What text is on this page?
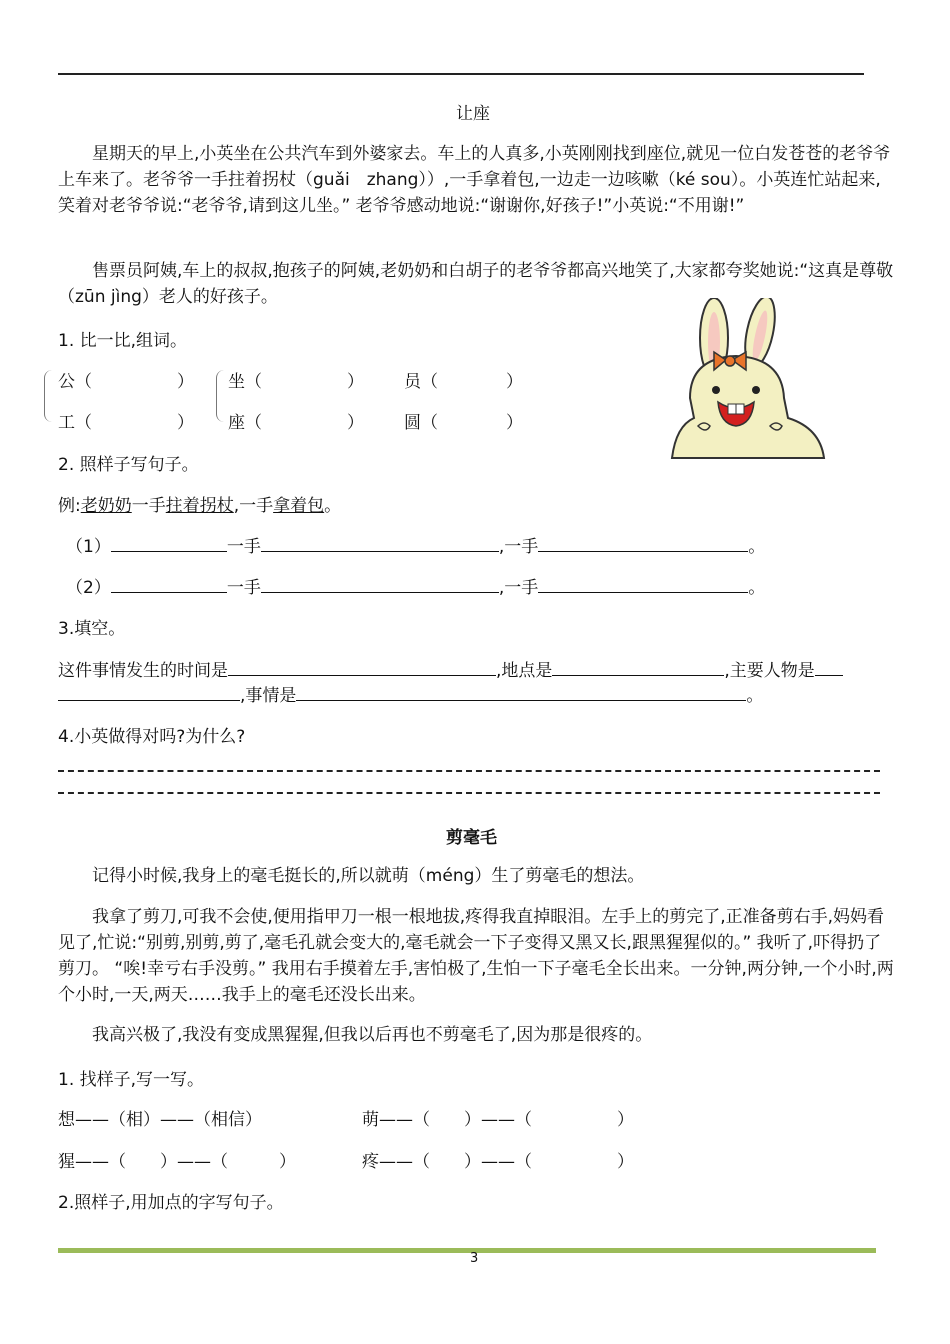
让座
星期天的早上,小英坐在公共汽车到外婆家去。车上的人真多,小英刚刚找到座位,就见一位白发苍苍的老爷爷上车来了。老爷爷一手拄着拐杖（guǎi　zhang））,一手拿着包,一边走一边咳嗽（ké sou）。小英连忙站起来,笑着对老爷爷说:“老爷爷,请到这儿坐。” 老爷爷感动地说:“谢谢你,好孩子!”小英说:“不用谢!”
售票员阿姨,车上的叔叔,抱孩子的阿姨,老奶奶和白胡子的老爷爷都高兴地笑了,大家都夸奖她说:“这真是尊敬（zūn jìng）老人的好孩子。
1. 比一比,组词。
公（　　　　　） 坐（　　　　　） 员（　　　　）
工（　　　　　） 座（　　　　　） 圆（　　　　）
2. 照样子写句子。
例:老奶奶一手拄着拐杖,一手拿着包。
（1）	一手	,一手	。
（2）	一手	,一手	。
3.填空。
这件事情发生的时间是	,地点是	,主要人物是
,事情是	。
4.小英做得对吗?为什么?
剪毫毛
记得小时候,我身上的毫毛挺长的,所以就萌（méng）生了剪毫毛的想法。
我拿了剪刀,可我不会使,便用指甲刀一根一根地拔,疼得我直掉眼泪。左手上的剪完了,正准备剪右手,妈妈看见了,忙说:“别剪,别剪,剪了,毫毛孔就会变大的,毫毛就会一下子变得又黑又长,跟黑猩猩似的。” 我听了,吓得扔了剪刀。 “唉!幸亏右手没剪。” 我用右手摸着左手,害怕极了,生怕一下子毫毛全长出来。一分钟,两分钟,一个小时,两个小时,一天,两天……我手上的毫毛还没长出来。
我高兴极了,我没有变成黑猩猩,但我以后再也不剪毫毛了,因为那是很疼的。
1. 找样子,写一写。
想——（相）——（相信）	萌——（　　）——（　　　　　）
猩——（　　）——（　　　）	疼——（　　）——（　　　　　）
2.照样子,用加点的字写句子。
3
